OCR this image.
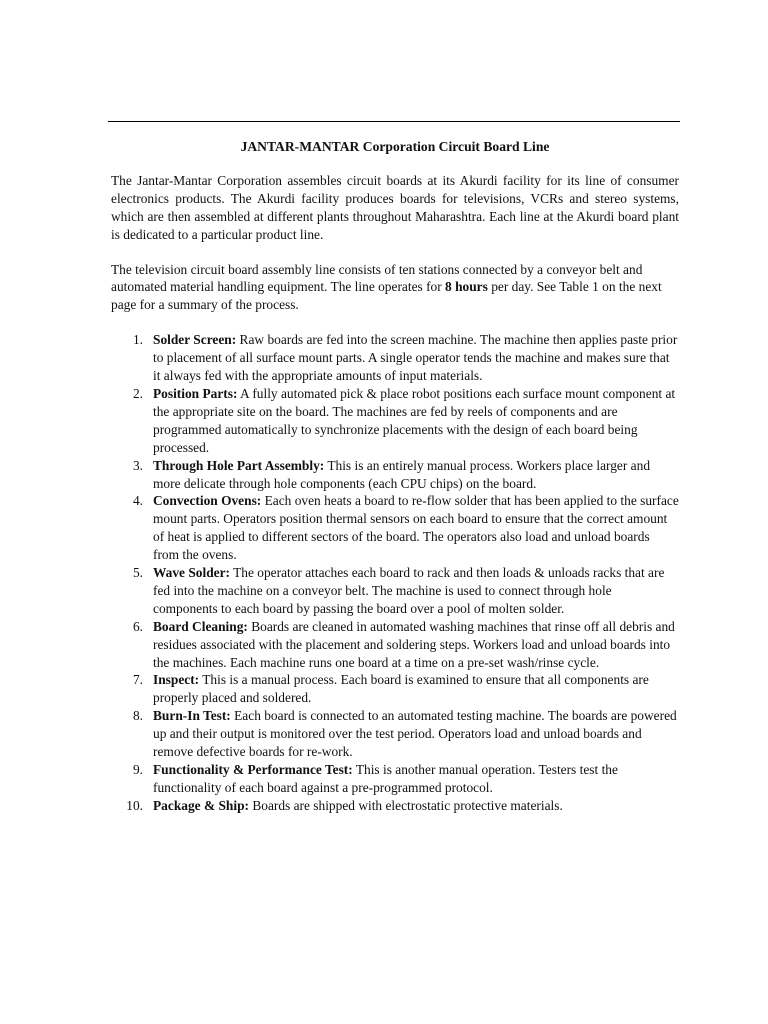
JANTAR-MANTAR Corporation Circuit Board Line

The Jantar-Mantar Corporation assembles circuit boards at its Akurdi facility for its line of consumer electronics products. The Akurdi facility produces boards for televisions, VCRs and stereo systems, which are then assembled at different plants throughout Maharashtra. Each line at the Akurdi board plant is dedicated to a particular product line.

The television circuit board assembly line consists of ten stations connected by a conveyor belt and automated material handling equipment. The line operates for 8 hours per day. See Table 1 on the next page for a summary of the process.

1. Solder Screen: Raw boards are fed into the screen machine. The machine then applies paste prior to placement of all surface mount parts. A single operator tends the machine and makes sure that it always fed with the appropriate amounts of input materials.
2. Position Parts: A fully automated pick & place robot positions each surface mount component at the appropriate site on the board. The machines are fed by reels of components and are programmed automatically to synchronize placements with the design of each board being processed.
3. Through Hole Part Assembly: This is an entirely manual process. Workers place larger and more delicate through hole components (each CPU chips) on the board.
4. Convection Ovens: Each oven heats a board to re-flow solder that has been applied to the surface mount parts. Operators position thermal sensors on each board to ensure that the correct amount of heat is applied to different sectors of the board. The operators also load and unload boards from the ovens.
5. Wave Solder: The operator attaches each board to rack and then loads & unloads racks that are fed into the machine on a conveyor belt. The machine is used to connect through hole components to each board by passing the board over a pool of molten solder.
6. Board Cleaning: Boards are cleaned in automated washing machines that rinse off all debris and residues associated with the placement and soldering steps. Workers load and unload boards into the machines. Each machine runs one board at a time on a pre-set wash/rinse cycle.
7. Inspect: This is a manual process. Each board is examined to ensure that all components are properly placed and soldered.
8. Burn-In Test: Each board is connected to an automated testing machine. The boards are powered up and their output is monitored over the test period. Operators load and unload boards and remove defective boards for re-work.
9. Functionality & Performance Test: This is another manual operation. Testers test the functionality of each board against a pre-programmed protocol.
10. Package & Ship: Boards are shipped with electrostatic protective materials.
